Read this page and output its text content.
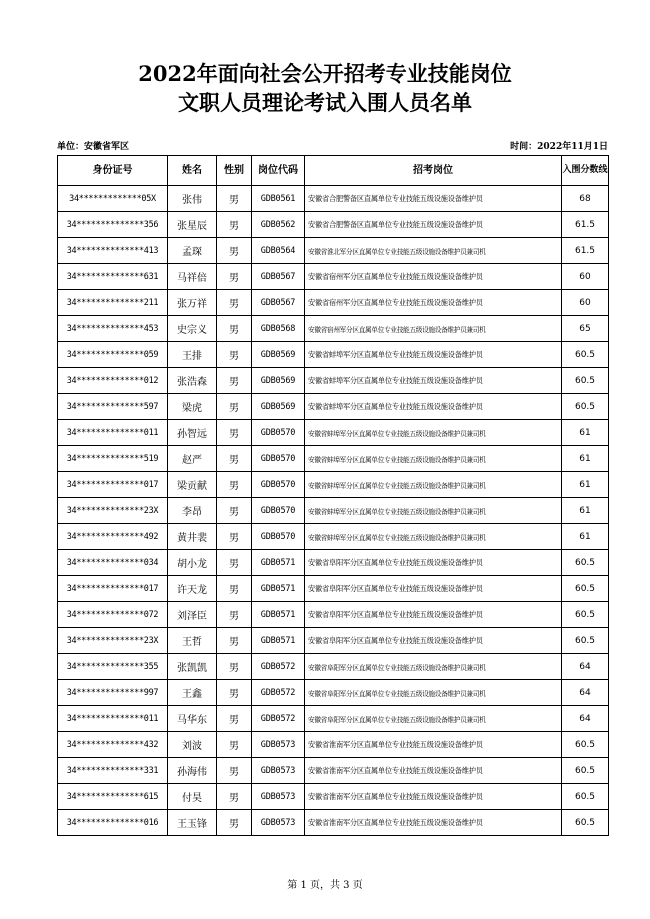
2022年面向社会公开招考专业技能岗位
文职人员理论考试入围人员名单
单位：安徽省军区	时间：2022年11月1日
身份证号	姓名	性别	岗位代码	招考岗位	入围分数线
34*************05X	张伟	男	GDB0561	安徽省合肥警备区直属单位专业技能五级设施设备维护员	68
34**************356	张星辰	男	GDB0562	安徽省合肥警备区直属单位专业技能五级设施设备维护员	61.5
34**************413	孟琛	男	GDB0564	安徽省淮北军分区直属单位专业技能五级设施设备维护员兼司机	61.5
34**************631	马祥倍	男	GDB0567	安徽省宿州军分区直属单位专业技能五级设施设备维护员	60
34**************211	张万祥	男	GDB0567	安徽省宿州军分区直属单位专业技能五级设施设备维护员	60
34**************453	史宗义	男	GDB0568	安徽省宿州军分区直属单位专业技能五级设施设备维护员兼司机	65
34**************059	王排	男	GDB0569	安徽省蚌埠军分区直属单位专业技能五级设施设备维护员	60.5
34**************012	张浩森	男	GDB0569	安徽省蚌埠军分区直属单位专业技能五级设施设备维护员	60.5
34**************597	梁虎	男	GDB0569	安徽省蚌埠军分区直属单位专业技能五级设施设备维护员	60.5
34**************011	孙智远	男	GDB0570	安徽省蚌埠军分区直属单位专业技能五级设施设备维护员兼司机	61
34**************519	赵严	男	GDB0570	安徽省蚌埠军分区直属单位专业技能五级设施设备维护员兼司机	61
34**************017	梁贡献	男	GDB0570	安徽省蚌埠军分区直属单位专业技能五级设施设备维护员兼司机	61
34**************23X	李昂	男	GDB0570	安徽省蚌埠军分区直属单位专业技能五级设施设备维护员兼司机	61
34**************492	黄井裴	男	GDB0570	安徽省蚌埠军分区直属单位专业技能五级设施设备维护员兼司机	61
34**************034	胡小龙	男	GDB0571	安徽省阜阳军分区直属单位专业技能五级设施设备维护员	60.5
34**************017	许天龙	男	GDB0571	安徽省阜阳军分区直属单位专业技能五级设施设备维护员	60.5
34**************072	刘泽臣	男	GDB0571	安徽省阜阳军分区直属单位专业技能五级设施设备维护员	60.5
34**************23X	王哲	男	GDB0571	安徽省阜阳军分区直属单位专业技能五级设施设备维护员	60.5
34**************355	张凯凯	男	GDB0572	安徽省阜阳军分区直属单位专业技能五级设施设备维护员兼司机	64
34**************997	王鑫	男	GDB0572	安徽省阜阳军分区直属单位专业技能五级设施设备维护员兼司机	64
34**************011	马华东	男	GDB0572	安徽省阜阳军分区直属单位专业技能五级设施设备维护员兼司机	64
34**************432	刘波	男	GDB0573	安徽省淮南军分区直属单位专业技能五级设施设备维护员	60.5
34**************331	孙海伟	男	GDB0573	安徽省淮南军分区直属单位专业技能五级设施设备维护员	60.5
34**************615	付昊	男	GDB0573	安徽省淮南军分区直属单位专业技能五级设施设备维护员	60.5
34**************016	王玉锋	男	GDB0573	安徽省淮南军分区直属单位专业技能五级设施设备维护员	60.5
第 1 页，共 3 页
